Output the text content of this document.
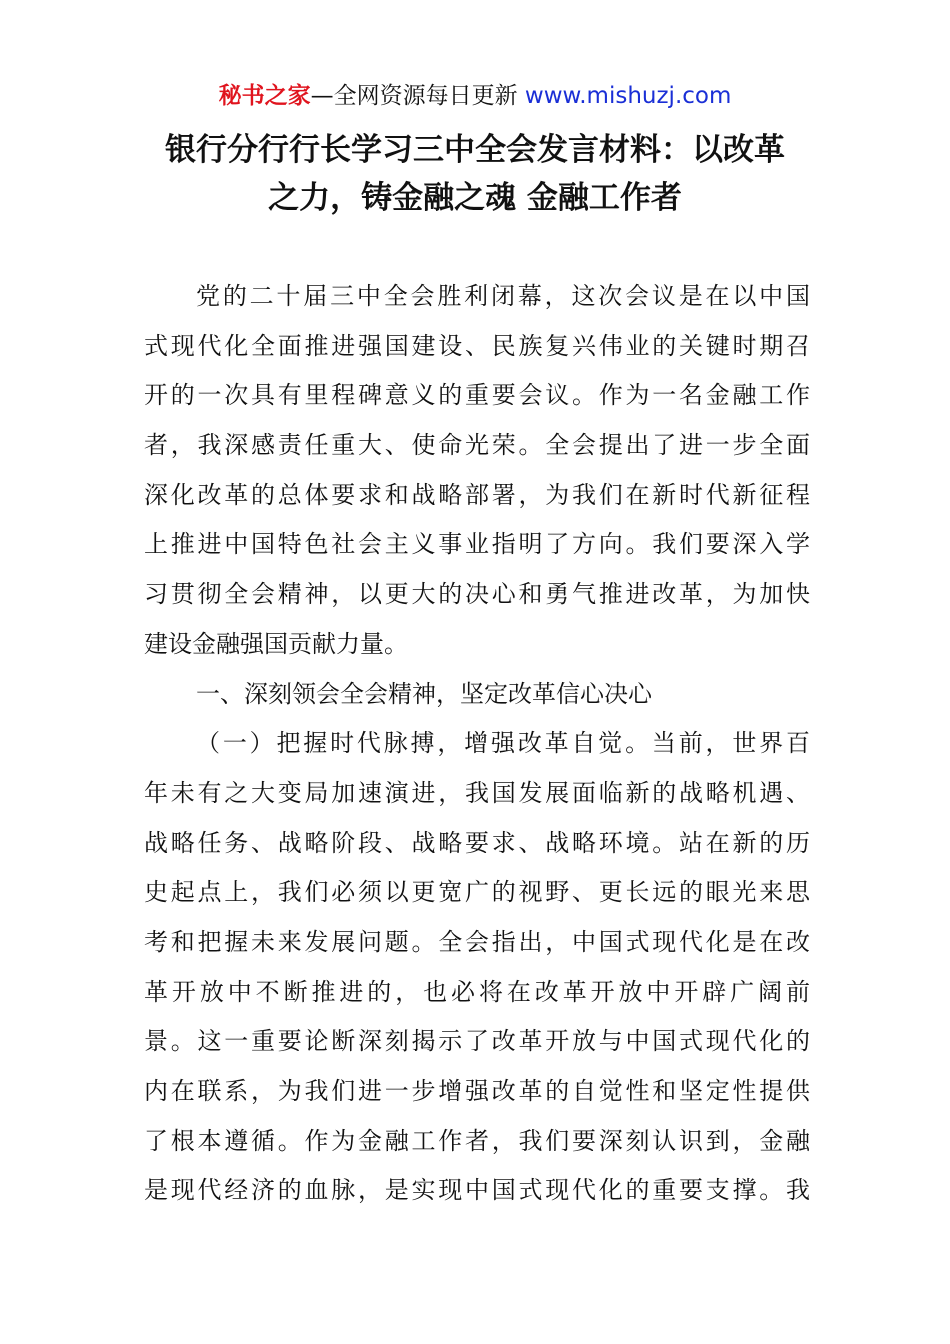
秘书之家—全网资源每日更新 www.mishuzj.com
银行分行行长学习三中全会发言材料：以改革
之力，铸金融之魂 金融工作者
党的二十届三中全会胜利闭幕，这次会议是在以中国
式现代化全面推进强国建设、民族复兴伟业的关键时期召
开的一次具有里程碑意义的重要会议。作为一名金融工作
者，我深感责任重大、使命光荣。全会提出了进一步全面
深化改革的总体要求和战略部署，为我们在新时代新征程
上推进中国特色社会主义事业指明了方向。我们要深入学
习贯彻全会精神，以更大的决心和勇气推进改革，为加快
建设金融强国贡献力量。
一、深刻领会全会精神，坚定改革信心决心
（一）把握时代脉搏，增强改革自觉。当前，世界百
年未有之大变局加速演进，我国发展面临新的战略机遇、
战略任务、战略阶段、战略要求、战略环境。站在新的历
史起点上，我们必须以更宽广的视野、更长远的眼光来思
考和把握未来发展问题。全会指出，中国式现代化是在改
革开放中不断推进的，也必将在改革开放中开辟广阔前
景。这一重要论断深刻揭示了改革开放与中国式现代化的
内在联系，为我们进一步增强改革的自觉性和坚定性提供
了根本遵循。作为金融工作者，我们要深刻认识到，金融
是现代经济的血脉，是实现中国式现代化的重要支撑。我
